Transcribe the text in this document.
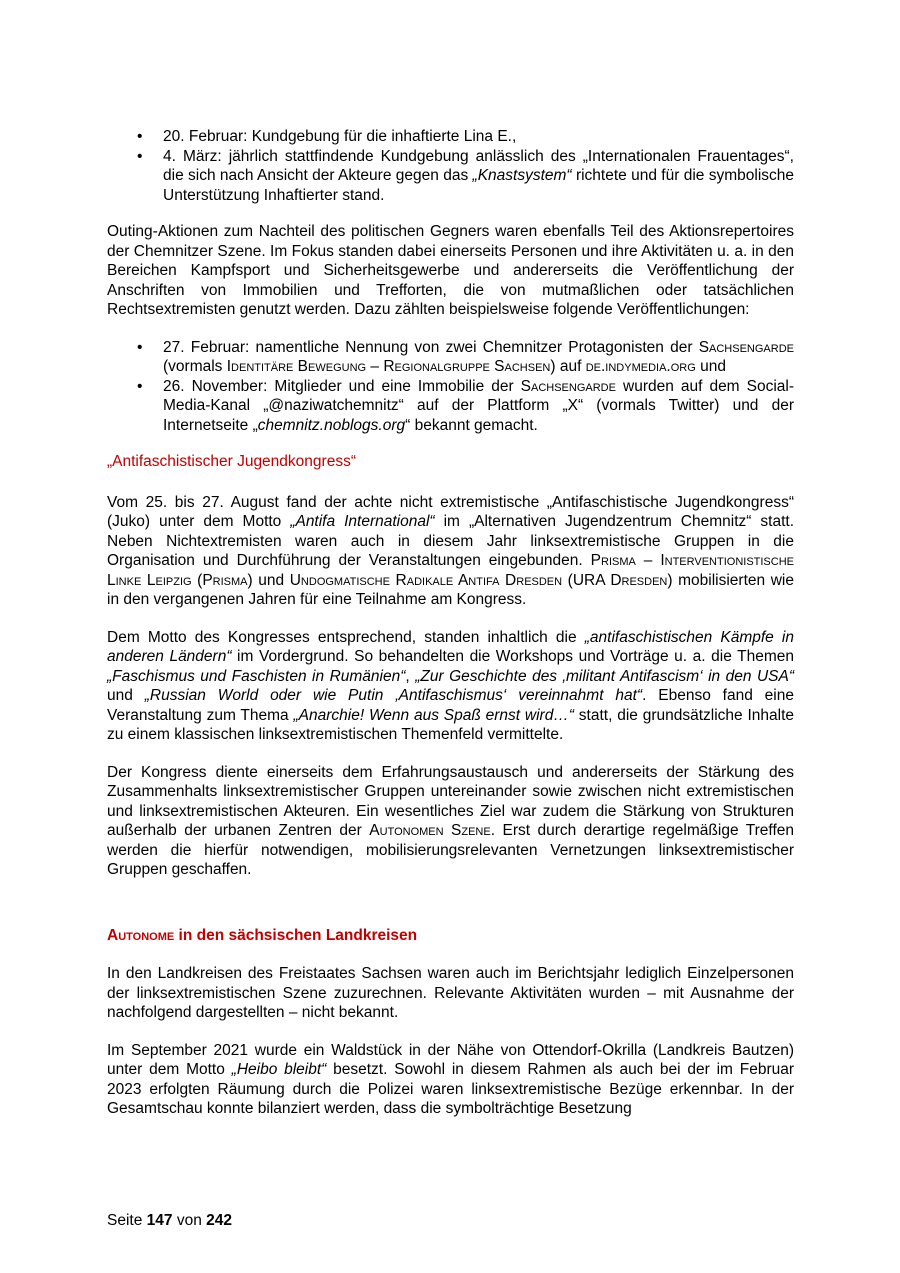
•	20. Februar: Kundgebung für die inhaftierte Lina E.,
•	4. März: jährlich stattfindende Kundgebung anlässlich des „Internationalen Frauentages“, die sich nach Ansicht der Akteure gegen das „Knastsystem“ richtete und für die symbolische Unterstützung Inhaftierter stand.

Outing-Aktionen zum Nachteil des politischen Gegners waren ebenfalls Teil des Aktionsrepertoires der Chemnitzer Szene. Im Fokus standen dabei einerseits Personen und ihre Aktivitäten u. a. in den Bereichen Kampfsport und Sicherheitsgewerbe und andererseits die Veröffentlichung der Anschriften von Immobilien und Trefforten, die von mutmaßlichen oder tatsächlichen Rechtsextremisten genutzt werden. Dazu zählten beispielsweise folgende Veröffentlichungen:

•	27. Februar: namentliche Nennung von zwei Chemnitzer Protagonisten der Sachsengarde (vormals Identitäre Bewegung – Regionalgruppe Sachsen) auf de.indymedia.org und
•	26. November: Mitglieder und eine Immobilie der Sachsengarde wurden auf dem Social-Media-Kanal „@naziwatchemnitz“ auf der Plattform „X“ (vormals Twitter) und der Internetseite „chemnitz.noblogs.org“ bekannt gemacht.
„Antifaschistischer Jugendkongress“

Vom 25. bis 27. August fand der achte nicht extremistische „Antifaschistische Jugendkongress“ (Juko) unter dem Motto „Antifa International“ im „Alternativen Jugendzentrum Chemnitz“ statt. Neben Nichtextremisten waren auch in diesem Jahr linksextremistische Gruppen in die Organisation und Durchführung der Veranstaltungen eingebunden. Prisma – Interventionistische Linke Leipzig (Prisma) und Undogmatische Radikale Antifa Dresden (URA Dresden) mobilisierten wie in den vergangenen Jahren für eine Teilnahme am Kongress.

Dem Motto des Kongresses entsprechend, standen inhaltlich die „antifaschistischen Kämpfe in anderen Ländern“ im Vordergrund. So behandelten die Workshops und Vorträge u. a. die Themen „Faschismus und Faschisten in Rumänien“, „Zur Geschichte des ‚militant Antifascism‘ in den USA“ und „Russian World oder wie Putin ‚Antifaschismus‘ vereinnahmt hat“. Ebenso fand eine Veranstaltung zum Thema „Anarchie! Wenn aus Spaß ernst wird…“ statt, die grundsätzliche Inhalte zu einem klassischen linksextremistischen Themenfeld vermittelte.

Der Kongress diente einerseits dem Erfahrungsaustausch und andererseits der Stärkung des Zusammenhalts linksextremistischer Gruppen untereinander sowie zwischen nicht extremistischen und linksextremistischen Akteuren. Ein wesentliches Ziel war zudem die Stärkung von Strukturen außerhalb der urbanen Zentren der Autonomen Szene. Erst durch derartige regelmäßige Treffen werden die hierfür notwendigen, mobilisierungsrelevanten Vernetzungen linksextremistischer Gruppen geschaffen.

Autonome in den sächsischen Landkreisen

In den Landkreisen des Freistaates Sachsen waren auch im Berichtsjahr lediglich Einzelpersonen der linksextremistischen Szene zuzurechnen. Relevante Aktivitäten wurden – mit Ausnahme der nachfolgend dargestellten – nicht bekannt.

Im September 2021 wurde ein Waldstück in der Nähe von Ottendorf-Okrilla (Landkreis Bautzen) unter dem Motto „Heibo bleibt“ besetzt. Sowohl in diesem Rahmen als auch bei der im Februar 2023 erfolgten Räumung durch die Polizei waren linksextremistische Bezüge erkennbar. In der Gesamtschau konnte bilanziert werden, dass die symbolträchtige Besetzung

Seite 147 von 242
